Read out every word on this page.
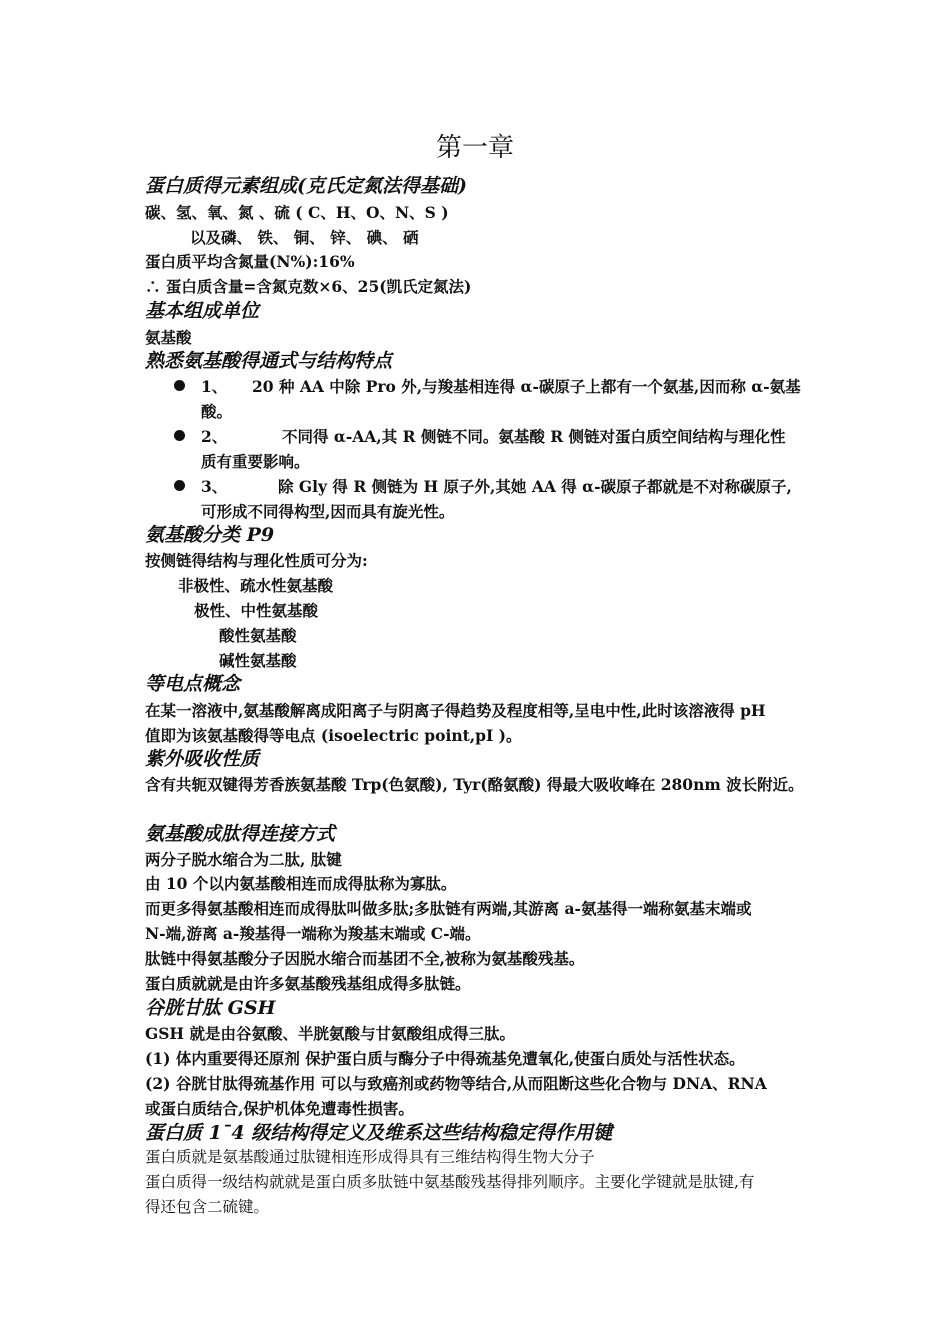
第一章
蛋白质得元素组成(克氏定氮法得基础)
碳、氢、氧、氮 、硫 ( C、H、O、N、S )
以及磷、 铁、 铜、 锌、 碘、 硒
蛋白质平均含氮量(N%):16%
∴ 蛋白质含量=含氮克数×6、25(凯氏定氮法)
基本组成单位
氨基酸
熟悉氨基酸得通式与结构特点
1、	20 种 AA 中除 Pro 外,与羧基相连得 α-碳原子上都有一个氨基,因而称 α-氨基
酸。
2、	不同得 α-AA,其 R 侧链不同。氨基酸 R 侧链对蛋白质空间结构与理化性
质有重要影响。
3、	除 Gly 得 R 侧链为 H 原子外,其她 AA 得 α-碳原子都就是不对称碳原子,
可形成不同得构型,因而具有旋光性。
氨基酸分类 P9
按侧链得结构与理化性质可分为:
非极性、疏水性氨基酸
极性、中性氨基酸
酸性氨基酸
碱性氨基酸
等电点概念
在某一溶液中,氨基酸解离成阳离子与阴离子得趋势及程度相等,呈电中性,此时该溶液得 pH
值即为该氨基酸得等电点 (isoelectric point,pI )。
紫外吸收性质
含有共轭双键得芳香族氨基酸 Trp(色氨酸), Tyr(酪氨酸) 得最大吸收峰在 280nm 波长附近。
氨基酸成肽得连接方式
两分子脱水缩合为二肽, 肽键
由 10 个以内氨基酸相连而成得肽称为寡肽。
而更多得氨基酸相连而成得肽叫做多肽;多肽链有两端,其游离 a-氨基得一端称氨基末端或
N-端,游离 a-羧基得一端称为羧基末端或 C-端。
肽链中得氨基酸分子因脱水缩合而基团不全,被称为氨基酸残基。
蛋白质就就是由许多氨基酸残基组成得多肽链。
谷胱甘肽 GSH
GSH 就是由谷氨酸、半胱氨酸与甘氨酸组成得三肽。
(1) 体内重要得还原剂 保护蛋白质与酶分子中得巯基免遭氧化,使蛋白质处与活性状态。
(2) 谷胱甘肽得巯基作用 可以与致癌剂或药物等结合,从而阻断这些化合物与 DNA、RNA
或蛋白质结合,保护机体免遭毒性损害。
蛋白质 1¯4 级结构得定义及维系这些结构稳定得作用键
蛋白质就是氨基酸通过肽键相连形成得具有三维结构得生物大分子
蛋白质得一级结构就就是蛋白质多肽链中氨基酸残基得排列顺序。主要化学键就是肽键,有
得还包含二硫键。
